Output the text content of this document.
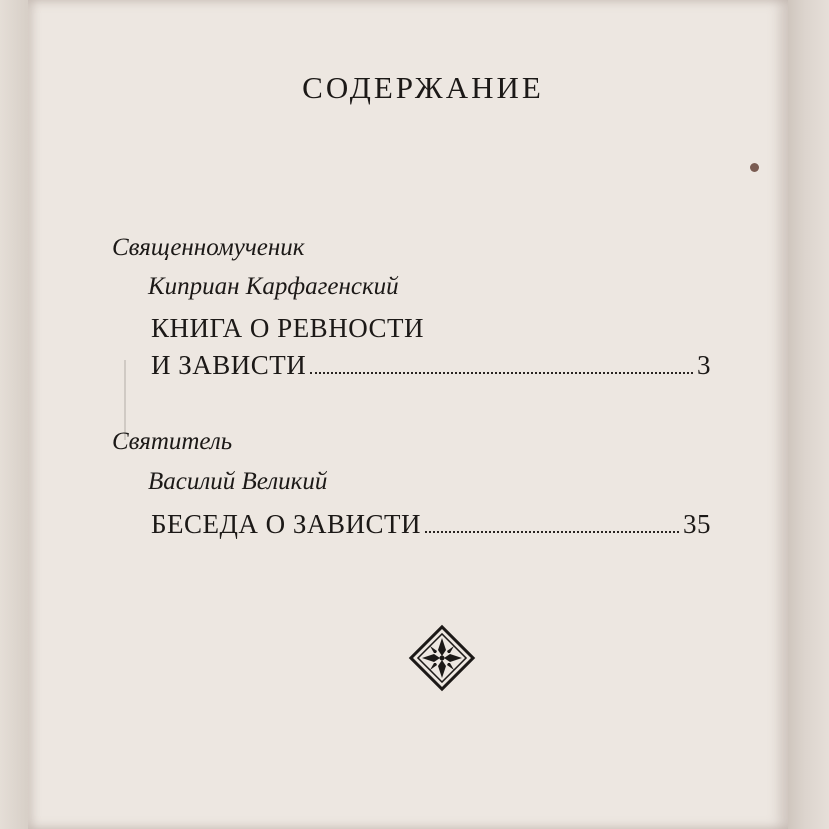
СОДЕРЖАНИЕ
Священномученик
Киприан Карфагенский
КНИГА О РЕВНОСТИ
И ЗАВИСТИ	3
Святитель
Василий Великий
БЕСЕДА О ЗАВИСТИ	35
